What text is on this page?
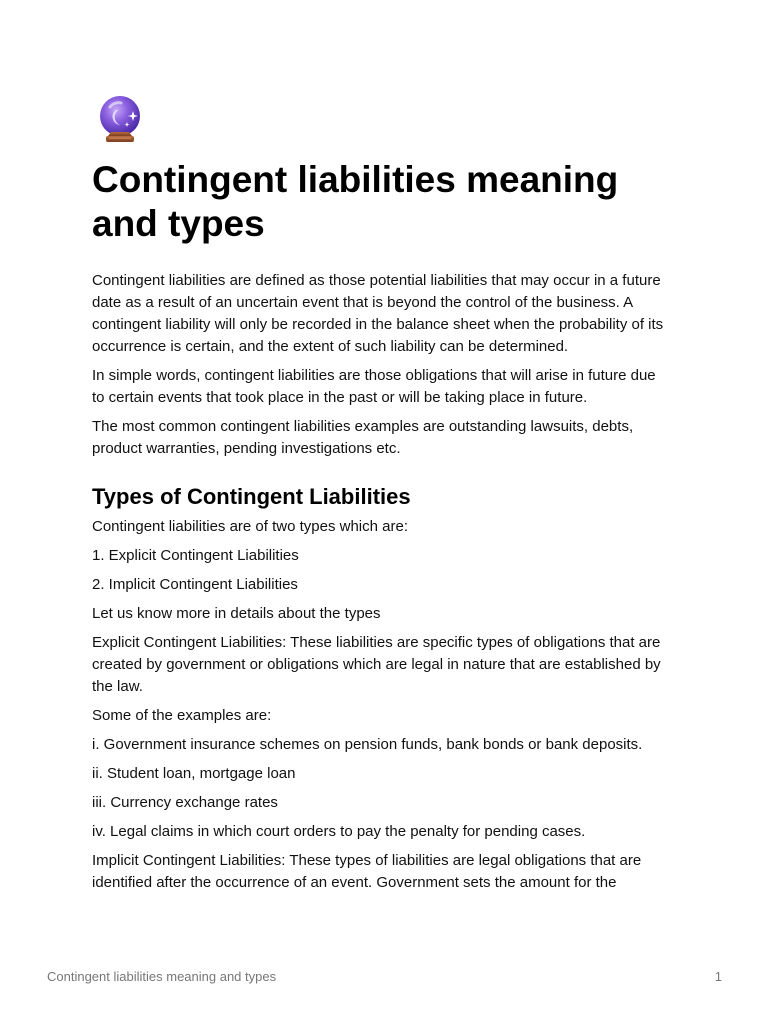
Contingent liabilities meaning and types

Contingent liabilities are defined as those potential liabilities that may occur in a future date as a result of an uncertain event that is beyond the control of the business. A contingent liability will only be recorded in the balance sheet when the probability of its occurrence is certain, and the extent of such liability can be determined.

In simple words, contingent liabilities are those obligations that will arise in future due to certain events that took place in the past or will be taking place in future.

The most common contingent liabilities examples are outstanding lawsuits, debts, product warranties, pending investigations etc.

Types of Contingent Liabilities

Contingent liabilities are of two types which are:

1. Explicit Contingent Liabilities

2. Implicit Contingent Liabilities

Let us know more in details about the types

Explicit Contingent Liabilities: These liabilities are specific types of obligations that are created by government or obligations which are legal in nature that are established by the law.

Some of the examples are:

i. Government insurance schemes on pension funds, bank bonds or bank deposits.

ii. Student loan, mortgage loan

iii. Currency exchange rates

iv. Legal claims in which court orders to pay the penalty for pending cases.

Implicit Contingent Liabilities: These types of liabilities are legal obligations that are identified after the occurrence of an event. Government sets the amount for the

Contingent liabilities meaning and types	1
